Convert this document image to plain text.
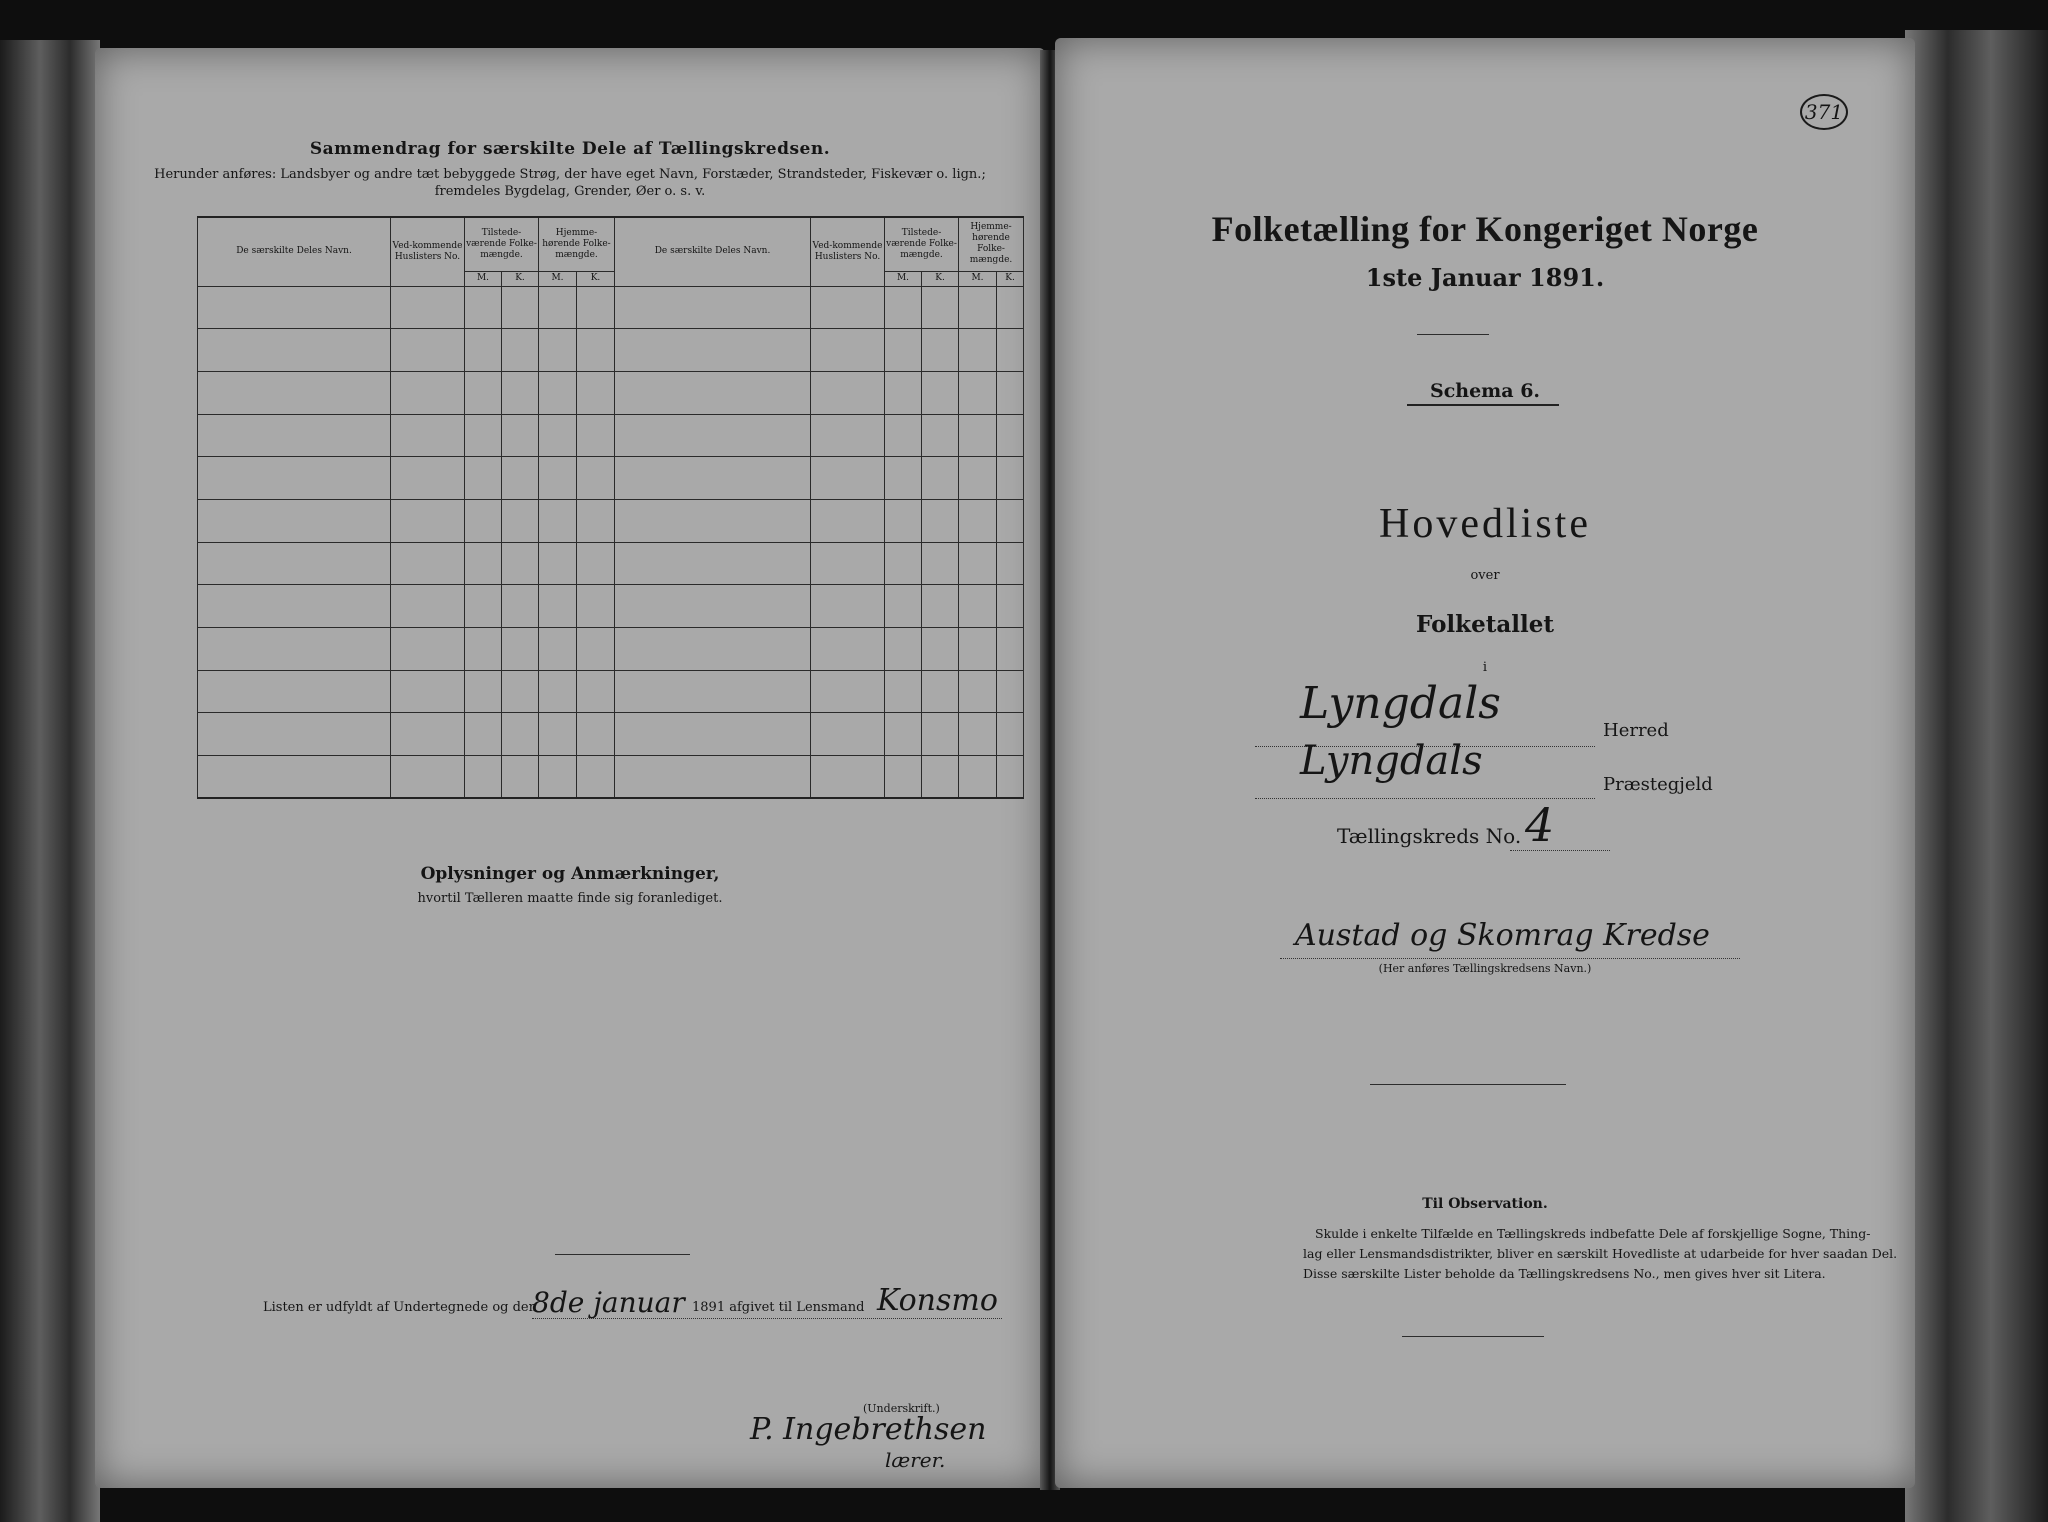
Sammendrag for særskilte Dele af Tællingskredsen.
Herunder anføres: Landsbyer og andre tæt bebyggede Strøg, der have eget Navn, Forstæder, Strandsteder, Fiskevær o. lign.;
fremdeles Bygdelag, Grender, Øer o. s. v.
De særskilte Deles Navn.	Ved-kommende Huslisters No.	Tilstede-værende Folke-mængde.		Hjemme-hørende Folke-mængde.		De særskilte Deles Navn.	Ved-kommende Huslisters No.	Tilstede-værende Folke-mængde.		Hjemme-hørende Folke-mængde.	
		M.	K.	M.	K.			M.	K.	M.	K.

Oplysninger og Anmærkninger,
hvortil Tælleren maatte finde sig foranlediget.
Listen er udfyldt af Undertegnede og den
8de januar 1891 afgivet til Lensmand Konsmo
(Underskrift.)
P. Ingebrethsen
lærer.
371
Folketælling for Kongeriget Norge
1ste Januar 1891.
Schema 6.
Hovedliste
over
Folketallet
i
Lyngdals
Herred
Lyngdals
Præstegjeld
Tællingskreds No. 4
Austad og Skomrag Kredse
(Her anføres Tællingskredsens Navn.)
Til Observation.
Skulde i enkelte Tilfælde en Tællingskreds indbefatte Dele af forskjellige Sogne, Thing-
lag eller Lensmandsdistrikter, bliver en særskilt Hovedliste at udarbeide for hver saadan Del.
Disse særskilte Lister beholde da Tællingskredsens No., men gives hver sit Litera.
